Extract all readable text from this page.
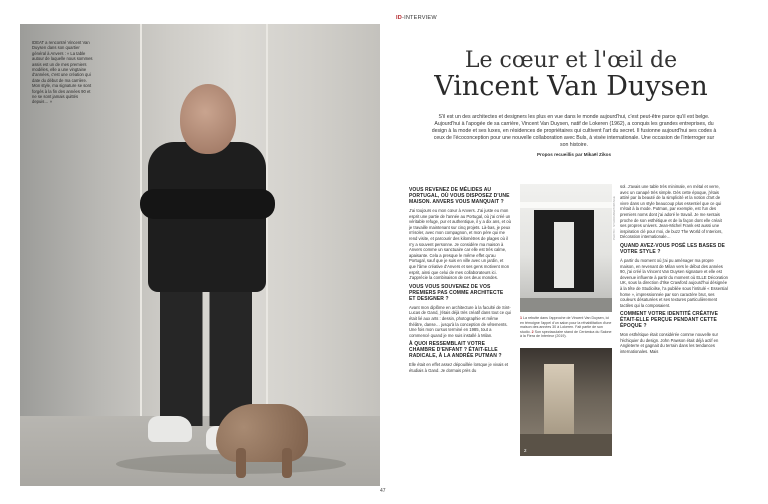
IDEAT a rencontré Vincent Van Duysen dans son quartier général à Anvers : « La table autour de laquelle nous sommes assis est un de mes premiers modèles, elle a une vingtaine d'années, c'est une création qui date du début de ma carrière. Mon style, ma signature se sont forgés à la fin des années 90 et ne se sont jamais quittés depuis… »
47
ID-INTERVIEW
Le cœur et l'œil de
Vincent Van Duysen
S'il est un des architectes et designers les plus en vue dans le monde aujourd'hui, c'est peut-être parce qu'il est belge. Aujourd'hui à l'apogée de sa carrière, Vincent Van Duysen, natif de Lokeren (1962), a conquis les grandes entreprises, du design à la mode et ses luxes, en résidences de propriétaires qui cultivent l'art du secret. Il fusionne aujourd'hui ses codes à ceux de l'écoconception pour une nouvelle collaboration avec Buls, à visée internationale. Une occasion de l'interroger sur son histoire.
Propos recueillis par Mikaël Zikos
VOUS REVENEZ DE MÉLIDES AU PORTUGAL, OÙ VOUS DISPOSEZ D'UNE MAISON. ANVERS VOUS MANQUAIT ?

J'ai toujours eu mon cœur à Anvers. J'ai juste eu mon esprit une partie de l'année au Portugal, où j'ai créé un véritable refuge, pur et authentique, il y a dix ans, et où je travaille maintenant sur cinq projets. Là-bas, je peux m'isoler, avec mon compagnon, et mon père qui me rend visite, et parcourir des kilomètres de plages où il n'y a souvent personne. Je considère ma maison à Anvers comme un sanctuaire car elle est très calme, apaisante. Cela a presque le même effet qu'au Portugal, sauf que je suis en ville avec un jardin, et que l'âme créative d'Anvers et ses gens motivent mon esprit, ainsi que celui de mes collaborateurs ici. J'apprécie la combinaison de ces deux mondes.

VOUS VOUS SOUVENEZ DE VOS PREMIERS PAS COMME ARCHITECTE ET DESIGNER ?

Avant mon diplôme en architecture à la faculté de Sint-Lucas de Gand, j'étais déjà très créatif dans tout ce qui était lié aux arts : dessin, photographie et même théâtre, danse… jusqu'à la conception de vêtements. Une fois mon cursus terminé en 1985, tout a commencé quand je me suis installé à Milan.

À QUOI RESSEMBLAIT VOTRE CHAMBRE D'ENFANT ? ÉTAIT-ELLE RADICALE, À LA ANDRÉE PUTMAN ?

Elle était en effet assez dépouillée lorsque je vivais et étudiais à Gand. Je dormais près du

PHOTO : STUDIO/REPORTAGE
1 La rebutte dans l'approche de Vincent Van Duysen, ici en témoigne l'appel d'un salon pour la réhabilitation d'une maison des années 30 à Lokeren. Fait partie de son studio. 2 Son spectaculaire stand de Cerámica du Salone à la Fiera de Interieur (2019).
2

sol. J'avais une table très minimale, en métal et verre, avec un canapé très simple. Dès cette époque, j'étais attiré par la beauté de la simplicité et la notion d'art de vivre dans un style beaucoup plus essentiel que ce qui n'était à la mode. Putman, par exemple, est l'un des premiers noms dont j'ai adoré le travail. Je me sentais proche de son esthétique et de la façon dont elle créait ses propres univers. Jean-Michel Frank est aussi une inspiration clé pour moi, de buzz The World of Interiors, Décoration internationale…

QUAND AVEZ-VOUS POSÉ LES BASES DE VOTRE STYLE ?

À partir du moment où j'ai pu aménager ma propre maison, en revenant de Milan vers le début des années 90, j'ai créé la Vincent Van Duysen signature et elle est devenue influente à partir du moment où ELLE Décoration UK, sous la direction d'Ilse Crawford aujourd'hui désignée à la tête de Studioilse, l'a publiée sous l'intitulé « Essential home », impressionnée par son caractère brut, ses couleurs désaturées et ses textures particulièrement tactiles qui la composaient.

COMMENT VOTRE IDENTITÉ CRÉATIVE ÉTAIT-ELLE PERÇUE PENDANT CETTE ÉPOQUE ?

Mon esthétique était considérée comme nouvelle sur l'échiquier du design. John Pawson était déjà actif en Angleterre et gagnait du terrain dans les tendances internationales. Mais
